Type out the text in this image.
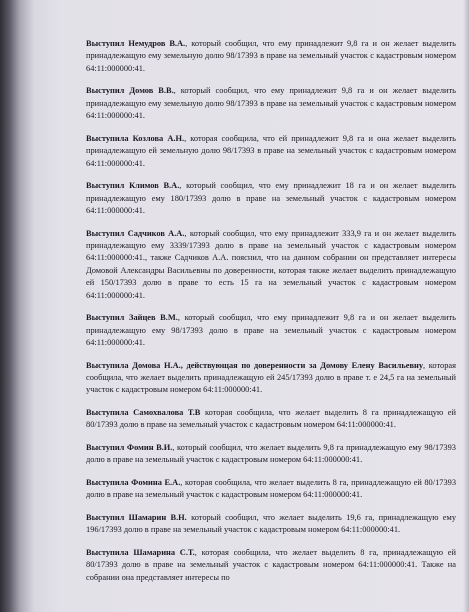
Выступил Немудров В.А., который сообщил, что ему принадлежит 9,8 га и он желает выделить принадлежащую ему земельную долю 98/17393 в праве на земельный участок с кадастровым номером 64:11:000000:41.

Выступил Домов В.В., который сообщил, что ему принадлежит 9,8 га и он желает выделить принадлежащую ему земельную долю 98/17393 в праве на земельный участок с кадастровым номером 64:11:000000:41.

Выступила Козлова А.Н., которая сообщила, что ей принадлежит 9,8 га и она желает выделить принадлежащую ей земельную долю 98/17393 в праве на земельный участок с кадастровым номером 64:11:000000:41.

Выступил Климов В.А., который сообщил, что ему принадлежит 18 га и он желает выделить принадлежащую ему 180/17393 долю в праве на земельный участок с кадастровым номером 64:11:000000:41.

Выступил Садчиков А.А., который сообщил, что ему принадлежит 333,9 га и он желает выделить принадлежащую ему 3339/17393 долю в праве на земельный участок с кадастровым номером 64:11:000000:41., также Садчиков А.А. пояснил, что на данном собрании он представляет интересы Домовой Александры Васильевны по доверенности, которая также желает выделить принадлежащую ей 150/17393 долю в праве то есть 15 га на земельный участок с кадастровым номером 64:11:000000:41.

Выступил Зайцев В.М., который сообщил, что ему принадлежит 9,8 га и он желает выделить принадлежащую ему 98/17393 долю в праве на земельный участок с кадастровым номером 64:11:000000:41.

Выступила Домова Н.А., действующая по доверенности за Домову Елену Васильевну, которая сообщила, что желает выделить принадлежащую ей 245/17393 долю в праве т. е 24,5 га на земельный участок с кадастровым номером 64:11:000000:41.

Выступила Самохвалова Т.В которая сообщила, что желает выделить 8 га принадлежащую ей 80/17393 долю в праве на земельный участок с кадастровым номером 64:11:000000:41.

Выступил Фомин В.И., который сообщил, что желает выделить 9,8 га принадлежащую ему 98/17393 долю в праве на земельный участок с кадастровым номером 64:11:000000:41.

Выступила Фомина Е.А., которая сообщила, что желает выделить 8 га, принадлежащую ей 80/17393 долю в праве на земельный участок с кадастровым номером 64:11:000000:41.

Выступил Шамарин В.Н. который сообщил, что желает выделить 19,6 га, принадлежащую ему 196/17393 долю в праве на земельный участок с кадастровым номером 64:11:000000:41.

Выступила Шамарина С.Т., которая сообщила, что желает выделить 8 га, принадлежащую ей 80/17393 долю в праве на земельный участок с кадастровым номером 64:11:000000:41. Также на собрании она представляет интересы по
